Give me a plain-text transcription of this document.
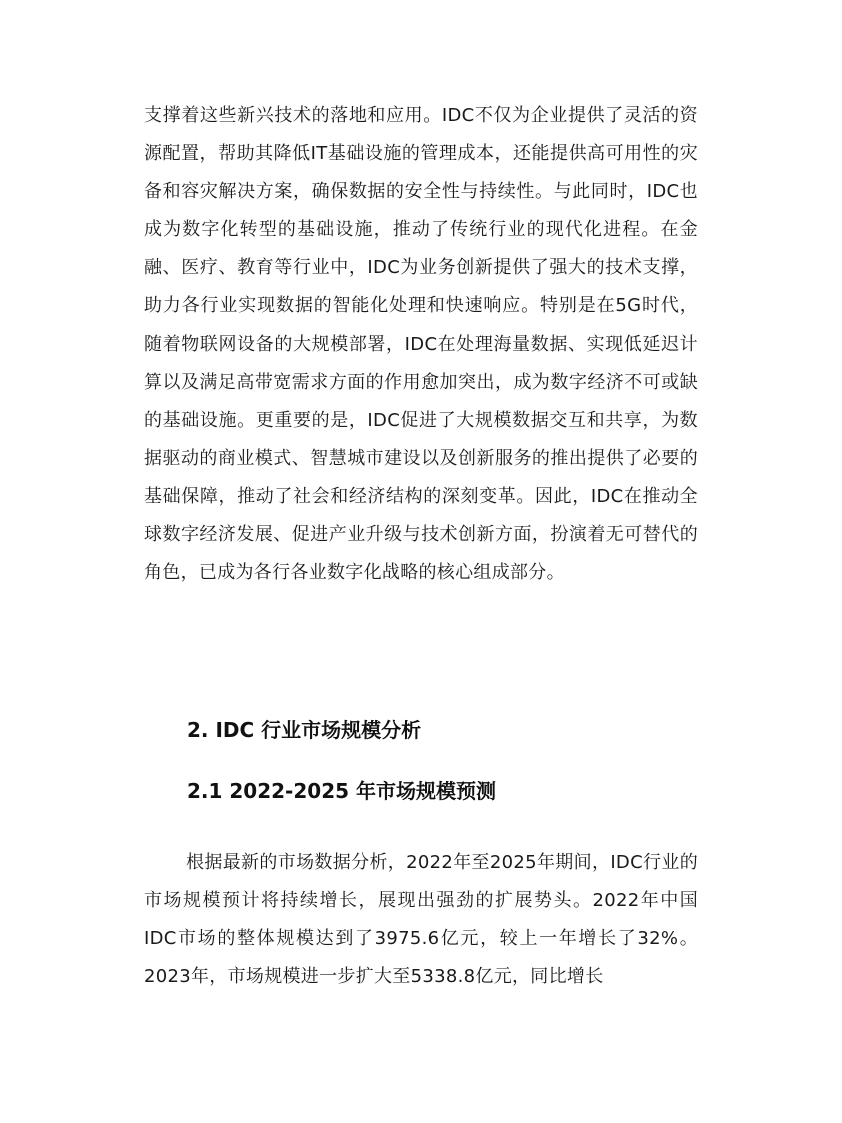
支撑着这些新兴技术的落地和应用。IDC不仅为企业提供了灵活的资源配置，帮助其降低IT基础设施的管理成本，还能提供高可用性的灾备和容灾解决方案，确保数据的安全性与持续性。与此同时，IDC也成为数字化转型的基础设施，推动了传统行业的现代化进程。在金融、医疗、教育等行业中，IDC为业务创新提供了强大的技术支撑，助力各行业实现数据的智能化处理和快速响应。特别是在5G时代，随着物联网设备的大规模部署，IDC在处理海量数据、实现低延迟计算以及满足高带宽需求方面的作用愈加突出，成为数字经济不可或缺的基础设施。更重要的是，IDC促进了大规模数据交互和共享，为数据驱动的商业模式、智慧城市建设以及创新服务的推出提供了必要的基础保障，推动了社会和经济结构的深刻变革。因此，IDC在推动全球数字经济发展、促进产业升级与技术创新方面，扮演着无可替代的角色，已成为各行各业数字化战略的核心组成部分。

2. IDC 行业市场规模分析
2.1 2022-2025 年市场规模预测

根据最新的市场数据分析，2022年至2025年期间，IDC行业的市场规模预计将持续增长，展现出强劲的扩展势头。2022年中国IDC市场的整体规模达到了3975.6亿元，较上一年增长了32%。2023年，市场规模进一步扩大至5338.8亿元，同比增长
